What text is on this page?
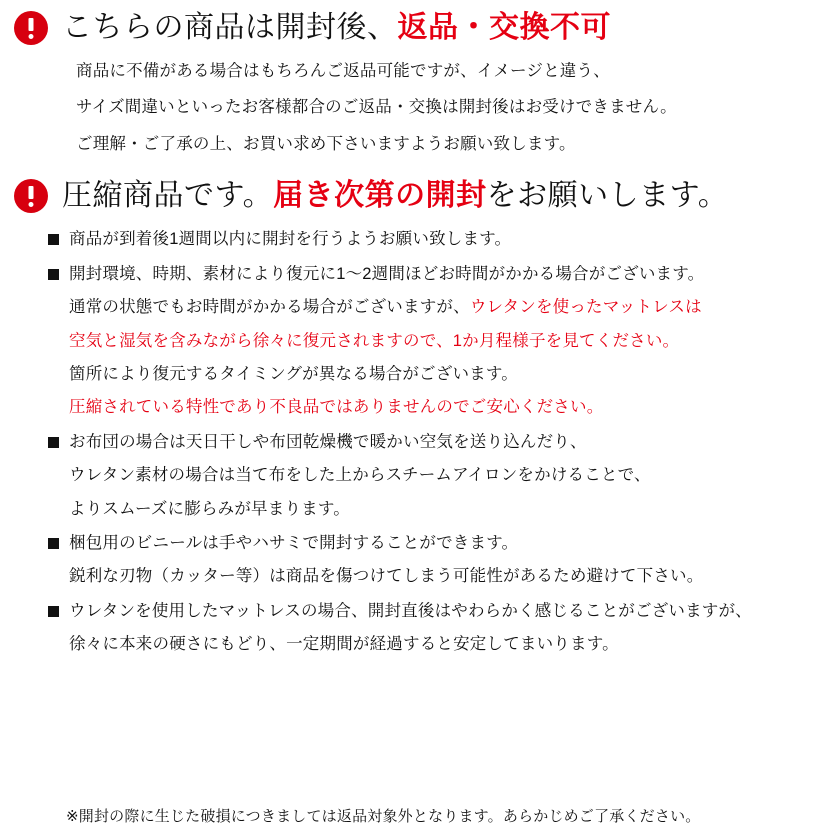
こちらの商品は開封後、返品・交換不可

商品に不備がある場合はもちろんご返品可能ですが、イメージと違う、

サイズ間違いといったお客様都合のご返品・交換は開封後はお受けできません。

ご理解・ご了承の上、お買い求め下さいますようお願い致します。

圧縮商品です。届き次第の開封をお願いします。

商品が到着後1週間以内に開封を行うようお願い致します。

開封環境、時期、素材により復元に1～2週間ほどお時間がかかる場合がございます。

通常の状態でもお時間がかかる場合がございますが、ウレタンを使ったマットレスは

空気と湿気を含みながら徐々に復元されますので、1か月程様子を見てください。

箇所により復元するタイミングが異なる場合がございます。

圧縮されている特性であり不良品ではありませんのでご安心ください。

お布団の場合は天日干しや布団乾燥機で暖かい空気を送り込んだり、

ウレタン素材の場合は当て布をした上からスチームアイロンをかけることで、

よりスムーズに膨らみが早まります。

梱包用のビニールは手やハサミで開封することができます。

鋭利な刃物（カッター等）は商品を傷つけてしまう可能性があるため避けて下さい。

ウレタンを使用したマットレスの場合、開封直後はやわらかく感じることがございますが、

徐々に本来の硬さにもどり、一定期間が経過すると安定してまいります。

※開封の際に生じた破損につきましては返品対象外となります。あらかじめご了承ください。
